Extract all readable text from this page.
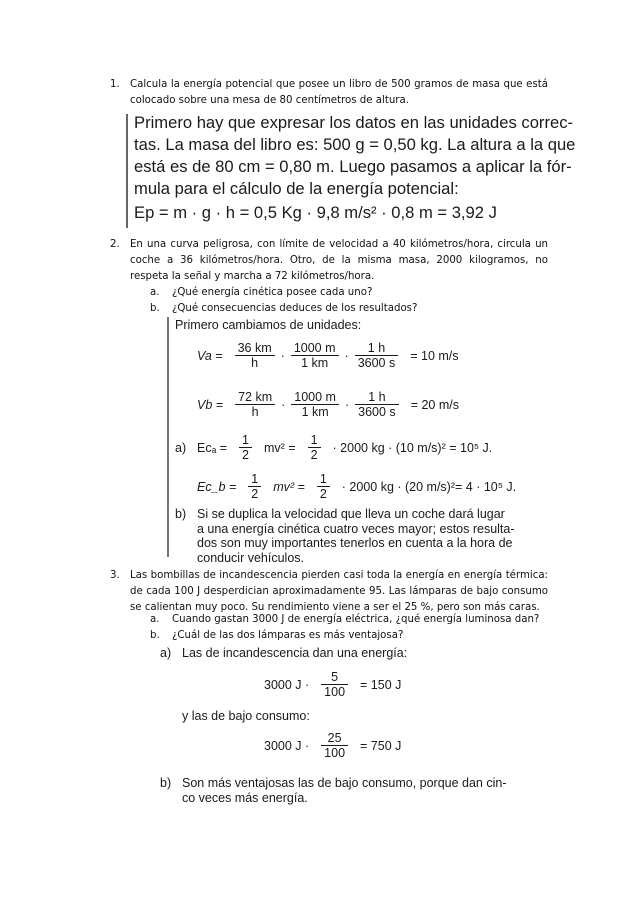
1.	Calcula la energía potencial que posee un libro de 500 gramos de masa que está colocado sobre una mesa de 80 centímetros de altura.
Primero hay que expresar los datos en las unidades correc-
tas. La masa del libro es: 500 g = 0,50 kg. La altura a la que
está es de 80 cm = 0,80 m. Luego pasamos a aplicar la fór-
mula para el cálculo de la energía potencial:
Ep = m · g · h = 0,5 Kg · 9,8 m/s² · 0,8 m = 3,92 J
2.	En una curva peligrosa, con límite de velocidad a 40 kilómetros/hora, circula un coche a 36 kilómetros/hora. Otro, de la misma masa, 2000 kilogramos, no respeta la señal y marcha a 72 kilómetros/hora.
a. ¿Qué energía cinética posee cada uno?
b. ¿Qué consecuencias deduces de los resultados?
Primero cambiamos de unidades:
$Va = \frac{36 km}{h} \cdot \frac{1000 m}{1 km} \cdot \frac{1 h}{3600 s} = 10$ m/s
$Vb = \frac{72 km}{h} \cdot \frac{1000 m}{1 km} \cdot \frac{1 h}{3600 s} = 20$ m/s
a) $Ec_a = \frac{1}{2} mv^2 = \frac{1}{2} \cdot 2000$ kg · (10 m/s)² = 10⁵ J.
Ec_b = $\frac{1}{2} mv^2 = \frac{1}{2} \cdot 2000$ kg · (20 m/s)²= 4 · 10⁵ J.
b) Si se duplica la velocidad que lleva un coche dará lugar
a una energía cinética cuatro veces mayor; estos resulta-
dos son muy importantes tenerlos en cuenta a la hora de
conducir vehículos.
3.	Las bombillas de incandescencia pierden casi toda la energía en energía térmica: de cada 100 J desperdician aproximadamente 95. Las lámparas de bajo consumo se calientan muy poco. Su rendimiento viene a ser el 25 %, pero son más caras.
a. Cuando gastan 3000 J de energía eléctrica, ¿qué energía luminosa dan?
b. ¿Cuál de las dos lámparas es más ventajosa?
a) Las de incandescencia dan una energía:
3000 $J \cdot \frac{5}{100} = 150$ J
y las de bajo consumo:
3000 $J \cdot \frac{25}{100} = 750$ J
b) Son más ventajosas las de bajo consumo, porque dan cin-
co veces más energía.
